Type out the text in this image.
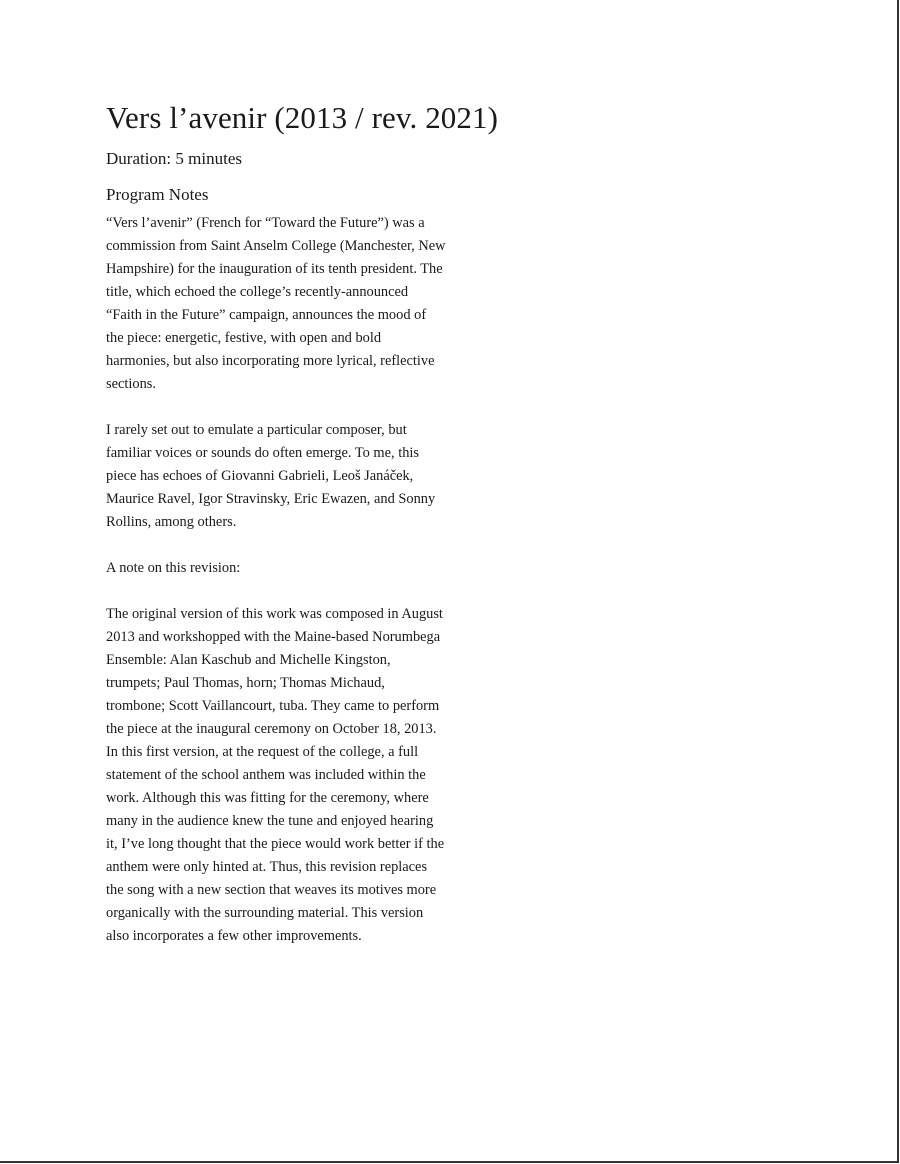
Vers l’avenir (2013 / rev. 2021)
Duration: 5 minutes
Program Notes

“Vers l’avenir” (French for “Toward the Future”) was a commission from Saint Anselm College (Manchester, New Hampshire) for the inauguration of its tenth president. The title, which echoed the college’s recently-announced “Faith in the Future” campaign, announces the mood of the piece: energetic, festive, with open and bold harmonies, but also incorporating more lyrical, reflective sections.

I rarely set out to emulate a particular composer, but familiar voices or sounds do often emerge. To me, this piece has echoes of Giovanni Gabrieli, Leoš Janáček, Maurice Ravel, Igor Stravinsky, Eric Ewazen, and Sonny Rollins, among others.

A note on this revision:

The original version of this work was composed in August 2013 and workshopped with the Maine-based Norumbega Ensemble: Alan Kaschub and Michelle Kingston, trumpets; Paul Thomas, horn; Thomas Michaud, trombone; Scott Vaillancourt, tuba. They came to perform the piece at the inaugural ceremony on October 18, 2013. In this first version, at the request of the college, a full statement of the school anthem was included within the work. Although this was fitting for the ceremony, where many in the audience knew the tune and enjoyed hearing it, I’ve long thought that the piece would work better if the anthem were only hinted at. Thus, this revision replaces the song with a new section that weaves its motives more organically with the surrounding material. This version also incorporates a few other improvements.
